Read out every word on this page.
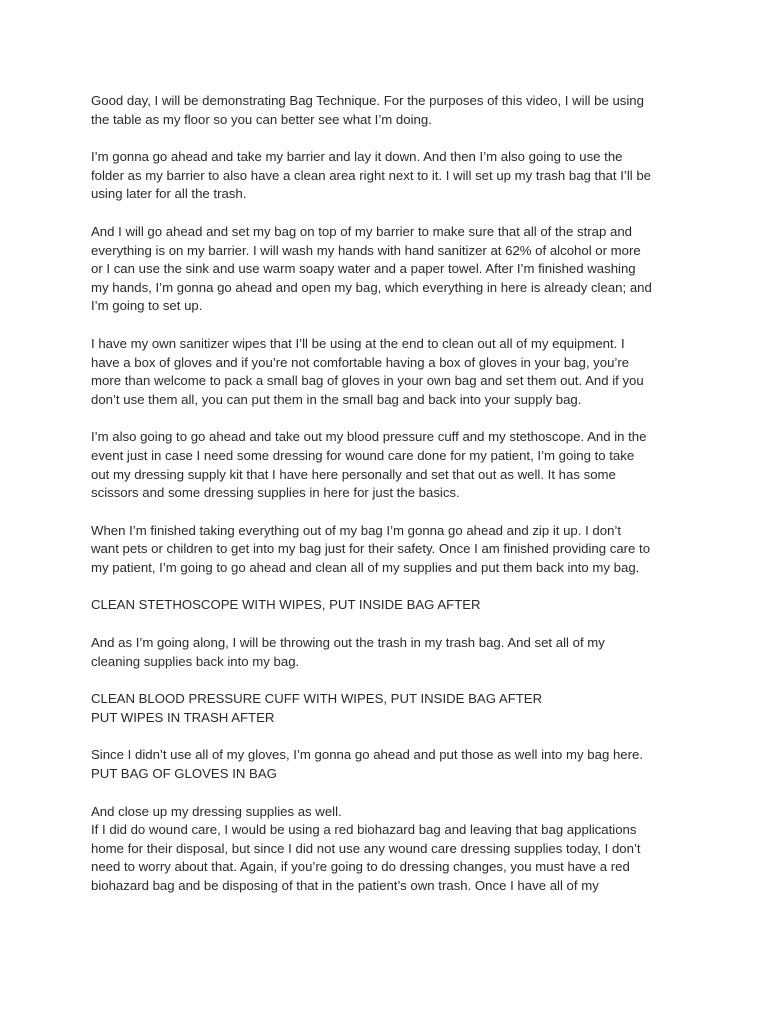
Good day, I will be demonstrating Bag Technique. For the purposes of this video, I will be using
the table as my floor so you can better see what I’m doing.
I’m gonna go ahead and take my barrier and lay it down. And then I’m also going to use the
folder as my barrier to also have a clean area right next to it. I will set up my trash bag that I’ll be
using later for all the trash.
And I will go ahead and set my bag on top of my barrier to make sure that all of the strap and
everything is on my barrier. I will wash my hands with hand sanitizer at 62% of alcohol or more
or I can use the sink and use warm soapy water and a paper towel. After I’m finished washing
my hands, I’m gonna go ahead and open my bag, which everything in here is already clean; and
I’m going to set up.
I have my own sanitizer wipes that I’ll be using at the end to clean out all of my equipment. I
have a box of gloves and if you’re not comfortable having a box of gloves in your bag, you’re
more than welcome to pack a small bag of gloves in your own bag and set them out. And if you
don’t use them all, you can put them in the small bag and back into your supply bag.
I’m also going to go ahead and take out my blood pressure cuff and my stethoscope. And in the
event just in case I need some dressing for wound care done for my patient, I’m going to take
out my dressing supply kit that I have here personally and set that out as well. It has some
scissors and some dressing supplies in here for just the basics.
When I’m finished taking everything out of my bag I’m gonna go ahead and zip it up. I don’t
want pets or children to get into my bag just for their safety. Once I am finished providing care to
my patient, I’m going to go ahead and clean all of my supplies and put them back into my bag.
CLEAN STETHOSCOPE WITH WIPES, PUT INSIDE BAG AFTER
And as I’m going along, I will be throwing out the trash in my trash bag. And set all of my
cleaning supplies back into my bag.
CLEAN BLOOD PRESSURE CUFF WITH WIPES, PUT INSIDE BAG AFTER
PUT WIPES IN TRASH AFTER
Since I didn’t use all of my gloves, I’m gonna go ahead and put those as well into my bag here.
PUT BAG OF GLOVES IN BAG
And close up my dressing supplies as well.
If I did do wound care, I would be using a red biohazard bag and leaving that bag applications
home for their disposal, but since I did not use any wound care dressing supplies today, I don’t
need to worry about that. Again, if you’re going to do dressing changes, you must have a red
biohazard bag and be disposing of that in the patient’s own trash. Once I have all of my
